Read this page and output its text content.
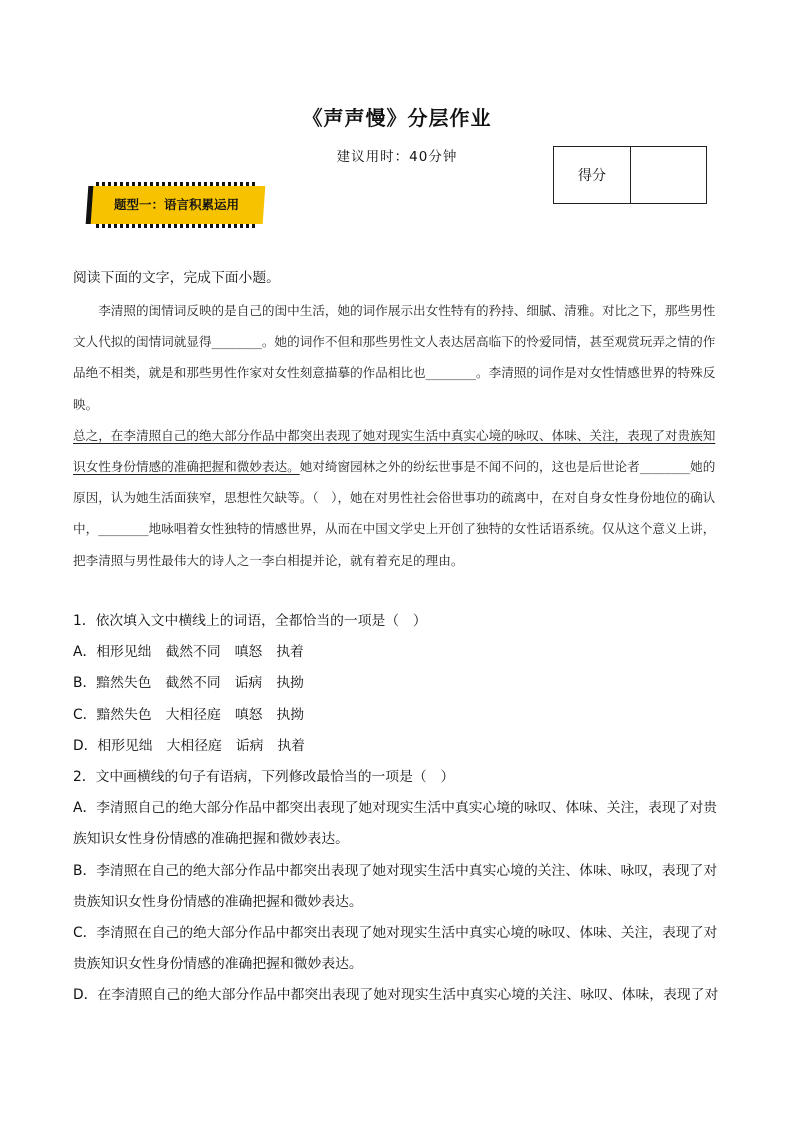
《声声慢》分层作业
建议用时：40分钟
得分
题型一：语言积累运用
阅读下面的文字，完成下面小题。

李清照的闺情词反映的是自己的闺中生活，她的词作展示出女性特有的矜持、细腻、清雅。对比之下，那些男性文人代拟的闺情词就显得________。她的词作不但和那些男性文人表达居高临下的怜爱同情，甚至观赏玩弄之情的作品绝不相类，就是和那些男性作家对女性刻意描摹的作品相比也________。李清照的词作是对女性情感世界的特殊反映。

总之，在李清照自己的绝大部分作品中都突出表现了她对现实生活中真实心境的咏叹、体味、关注，表现了对贵族知识女性身份情感的准确把握和微妙表达。她对绮窗园林之外的纷纭世事是不闻不问的，这也是后世论者________她的原因，认为她生活面狭窄，思想性欠缺等。（　），她在对男性社会俗世事功的疏离中，在对自身女性身份地位的确认中，________地咏唱着女性独特的情感世界，从而在中国文学史上开创了独特的女性话语系统。仅从这个意义上讲，把李清照与男性最伟大的诗人之一李白相提并论，就有着充足的理由。

1．依次填入文中横线上的词语，全都恰当的一项是（　）

A．相形见绌 截然不同 嗔怒 执着

B．黯然失色 截然不同 诟病 执拗

C．黯然失色 大相径庭 嗔怒 执拗

D．相形见绌 大相径庭 诟病 执着

2．文中画横线的句子有语病，下列修改最恰当的一项是（　）

A．李清照自己的绝大部分作品中都突出表现了她对现实生活中真实心境的咏叹、体味、关注，表现了对贵族知识女性身份情感的准确把握和微妙表达。

B．李清照在自己的绝大部分作品中都突出表现了她对现实生活中真实心境的关注、体味、咏叹，表现了对贵族知识女性身份情感的准确把握和微妙表达。

C．李清照在自己的绝大部分作品中都突出表现了她对现实生活中真实心境的咏叹、体味、关注，表现了对贵族知识女性身份情感的准确把握和微妙表达。

D．在李清照自己的绝大部分作品中都突出表现了她对现实生活中真实心境的关注、咏叹、体味，表现了对
